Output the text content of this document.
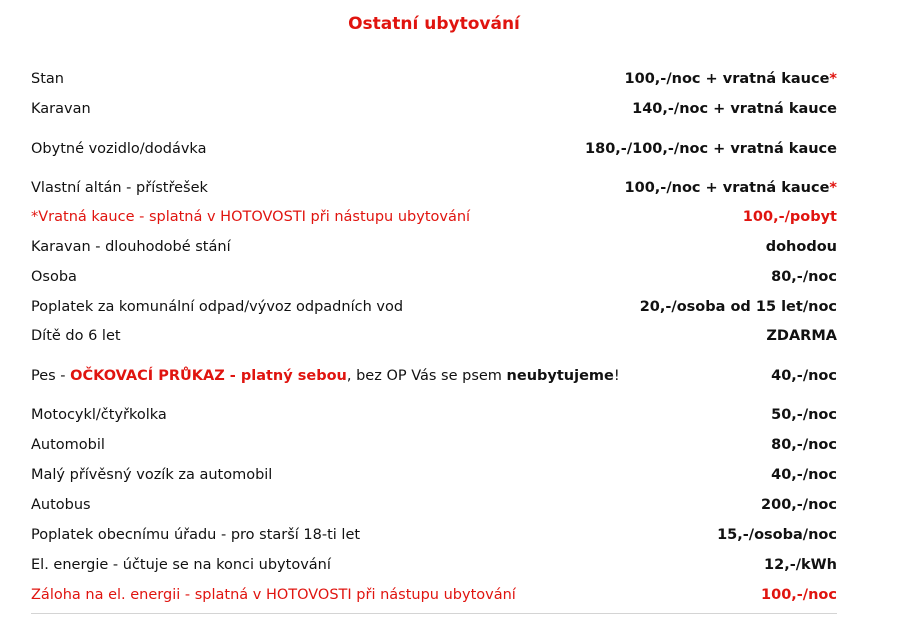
Ostatní ubytování
Stan	100,-/noc + vratná kauce*
Karavan	140,-/noc + vratná kauce
Obytné vozidlo/dodávka	180,-/100,-/noc + vratná kauce
Vlastní altán - přístřešek	100,-/noc + vratná kauce*
*Vratná kauce - splatná v HOTOVOSTI při nástupu ubytování	100,-/pobyt
Karavan - dlouhodobé stání	dohodou
Osoba	80,-/noc
Poplatek za komunální odpad/vývoz odpadních vod	20,-/osoba od 15 let/noc
Dítě do 6 let	ZDARMA
Pes - OČKOVACÍ PRŮKAZ - platný sebou, bez OP Vás se psem neubytujeme!	40,-/noc
Motocykl/čtyřkolka	50,-/noc
Automobil	80,-/noc
Malý přívěsný vozík za automobil	40,-/noc
Autobus	200,-/noc
Poplatek obecnímu úřadu - pro starší 18-ti let	15,-/osoba/noc
El. energie - účtuje se na konci ubytování	12,-/kWh
Záloha na el. energii - splatná v HOTOVOSTI při nástupu ubytování	100,-/noc
